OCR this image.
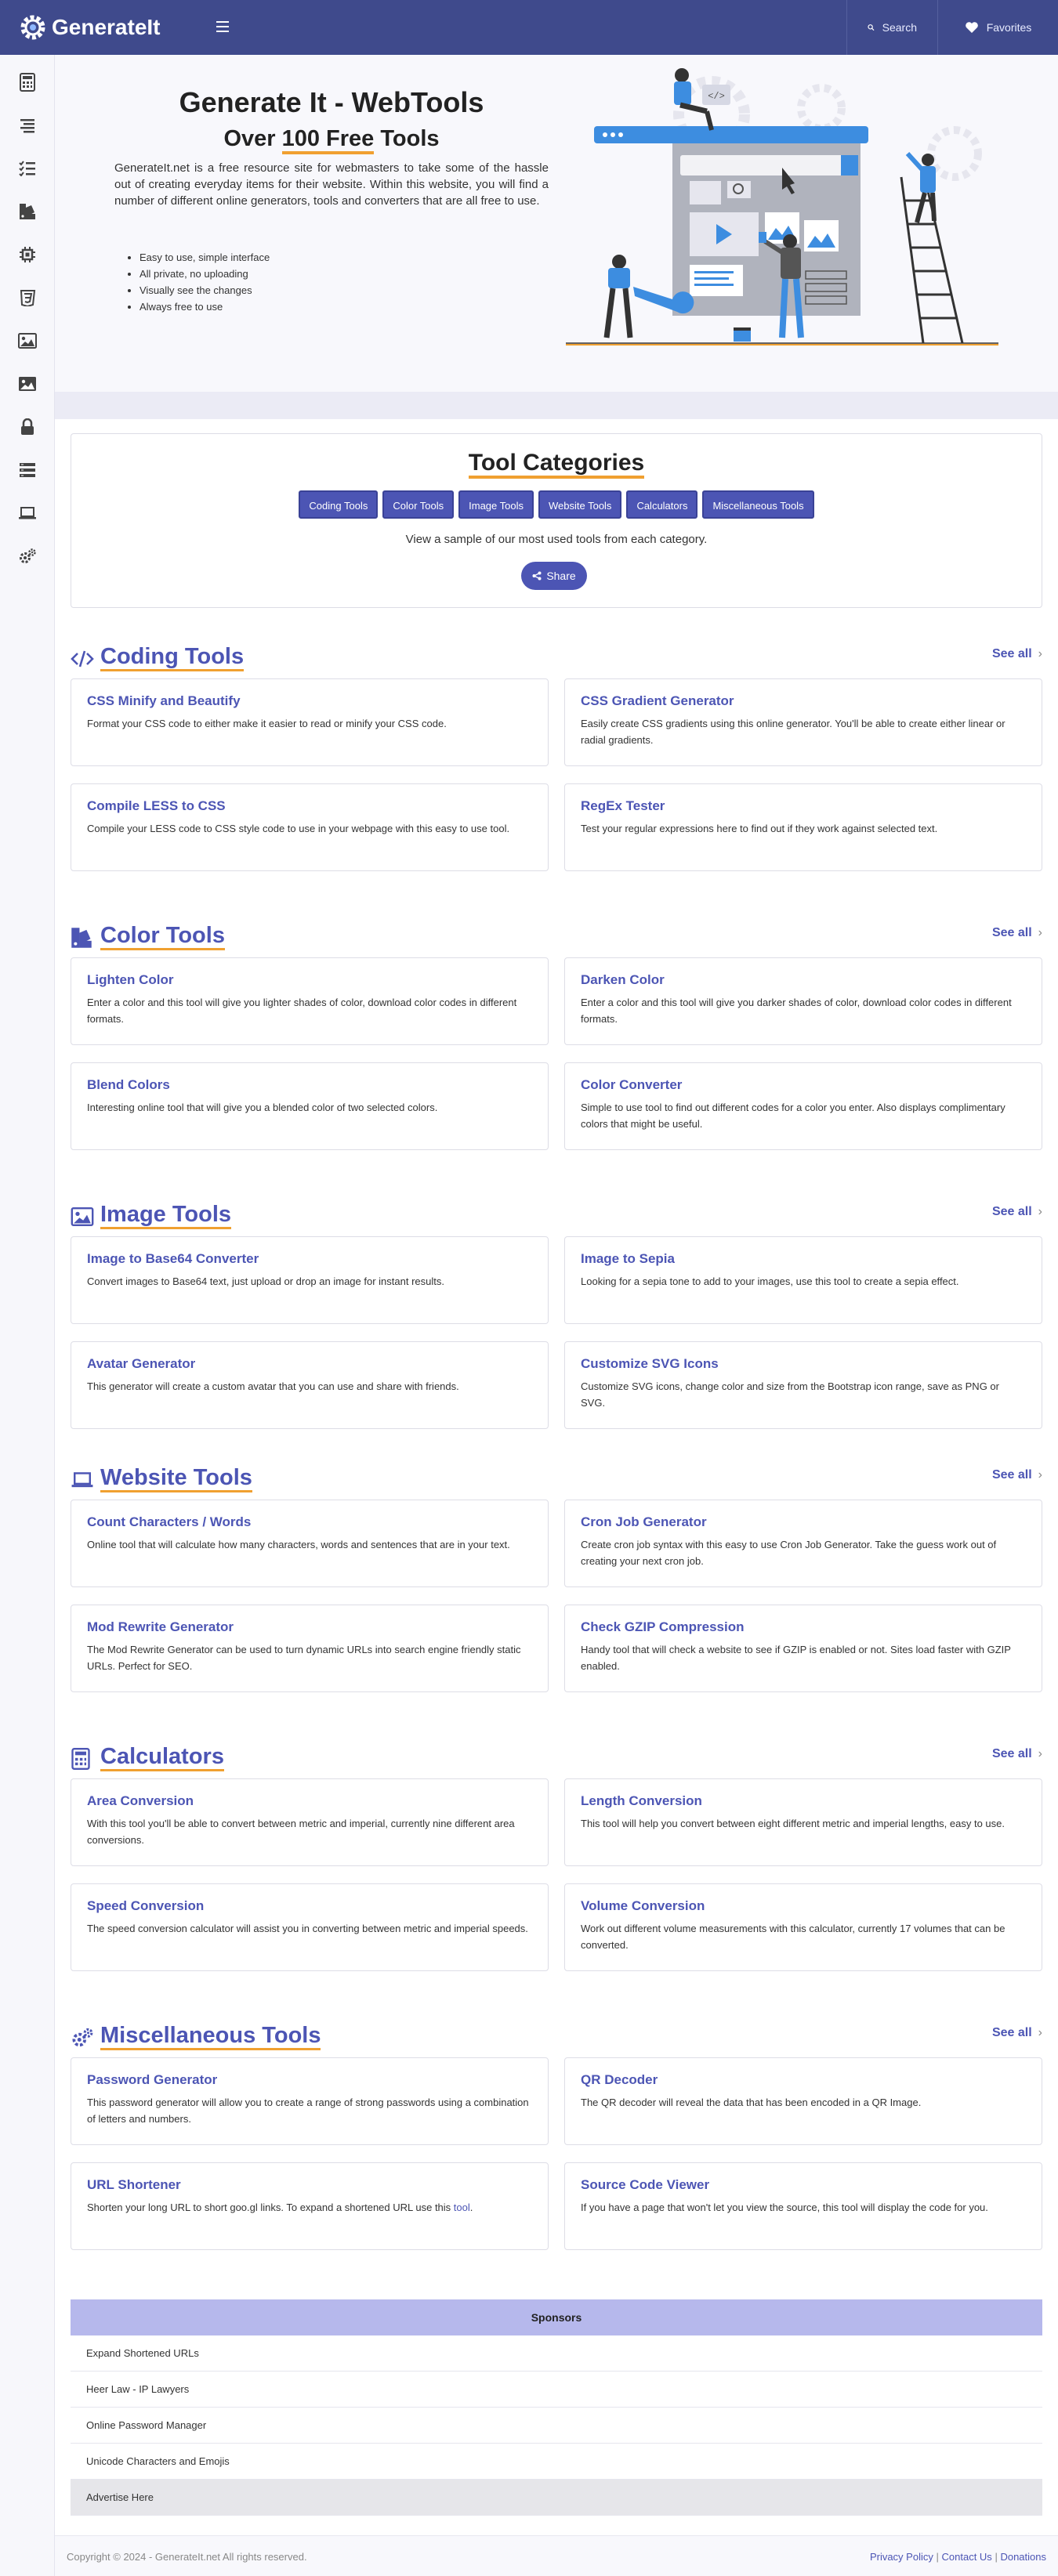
GenerateIt	Search	Favorites
Generate It - WebTools
Over 100 Free Tools
GenerateIt.net is a free resource site for webmasters to take some of the hassle out of creating everyday items for their website. Within this website, you will find a number of different online generators, tools and converters that are all free to use.
• Easy to use, simple interface
• All private, no uploading
• Visually see the changes
• Always free to use
</>
Tool Categories
Coding Tools	Color Tools	Image Tools	Website Tools	Calculators	Miscellaneous Tools
View a sample of our most used tools from each category.
Share
Coding Tools	See all ›
CSS Minify and Beautify
Format your CSS code to either make it easier to read or minify your CSS code.
CSS Gradient Generator
Easily create CSS gradients using this online generator. You'll be able to create either linear or radial gradients.
Compile LESS to CSS
Compile your LESS code to CSS style code to use in your webpage with this easy to use tool.
RegEx Tester
Test your regular expressions here to find out if they work against selected text.
Color Tools	See all ›
Lighten Color
Enter a color and this tool will give you lighter shades of color, download color codes in different formats.
Darken Color
Enter a color and this tool will give you darker shades of color, download color codes in different formats.
Blend Colors
Interesting online tool that will give you a blended color of two selected colors.
Color Converter
Simple to use tool to find out different codes for a color you enter. Also displays complimentary colors that might be useful.
Image Tools	See all ›
Image to Base64 Converter
Convert images to Base64 text, just upload or drop an image for instant results.
Image to Sepia
Looking for a sepia tone to add to your images, use this tool to create a sepia effect.
Avatar Generator
This generator will create a custom avatar that you can use and share with friends.
Customize SVG Icons
Customize SVG icons, change color and size from the Bootstrap icon range, save as PNG or SVG.
Website Tools	See all ›
Count Characters / Words
Online tool that will calculate how many characters, words and sentences that are in your text.
Cron Job Generator
Create cron job syntax with this easy to use Cron Job Generator. Take the guess work out of creating your next cron job.
Mod Rewrite Generator
The Mod Rewrite Generator can be used to turn dynamic URLs into search engine friendly static URLs. Perfect for SEO.
Check GZIP Compression
Handy tool that will check a website to see if GZIP is enabled or not. Sites load faster with GZIP enabled.
Calculators	See all ›
Area Conversion
With this tool you'll be able to convert between metric and imperial, currently nine different area conversions.
Length Conversion
This tool will help you convert between eight different metric and imperial lengths, easy to use.
Speed Conversion
The speed conversion calculator will assist you in converting between metric and imperial speeds.
Volume Conversion
Work out different volume measurements with this calculator, currently 17 volumes that can be converted.
Miscellaneous Tools	See all ›
Password Generator
This password generator will allow you to create a range of strong passwords using a combination of letters and numbers.
QR Decoder
The QR decoder will reveal the data that has been encoded in a QR Image.
URL Shortener
Shorten your long URL to short goo.gl links. To expand a shortened URL use this tool.
Source Code Viewer
If you have a page that won't let you view the source, this tool will display the code for you.
Sponsors
Expand Shortened URLs
Heer Law - IP Lawyers
Online Password Manager
Unicode Characters and Emojis
Advertise Here
Copyright © 2024 - GenerateIt.net All rights reserved.	Privacy Policy | Contact Us | Donations
